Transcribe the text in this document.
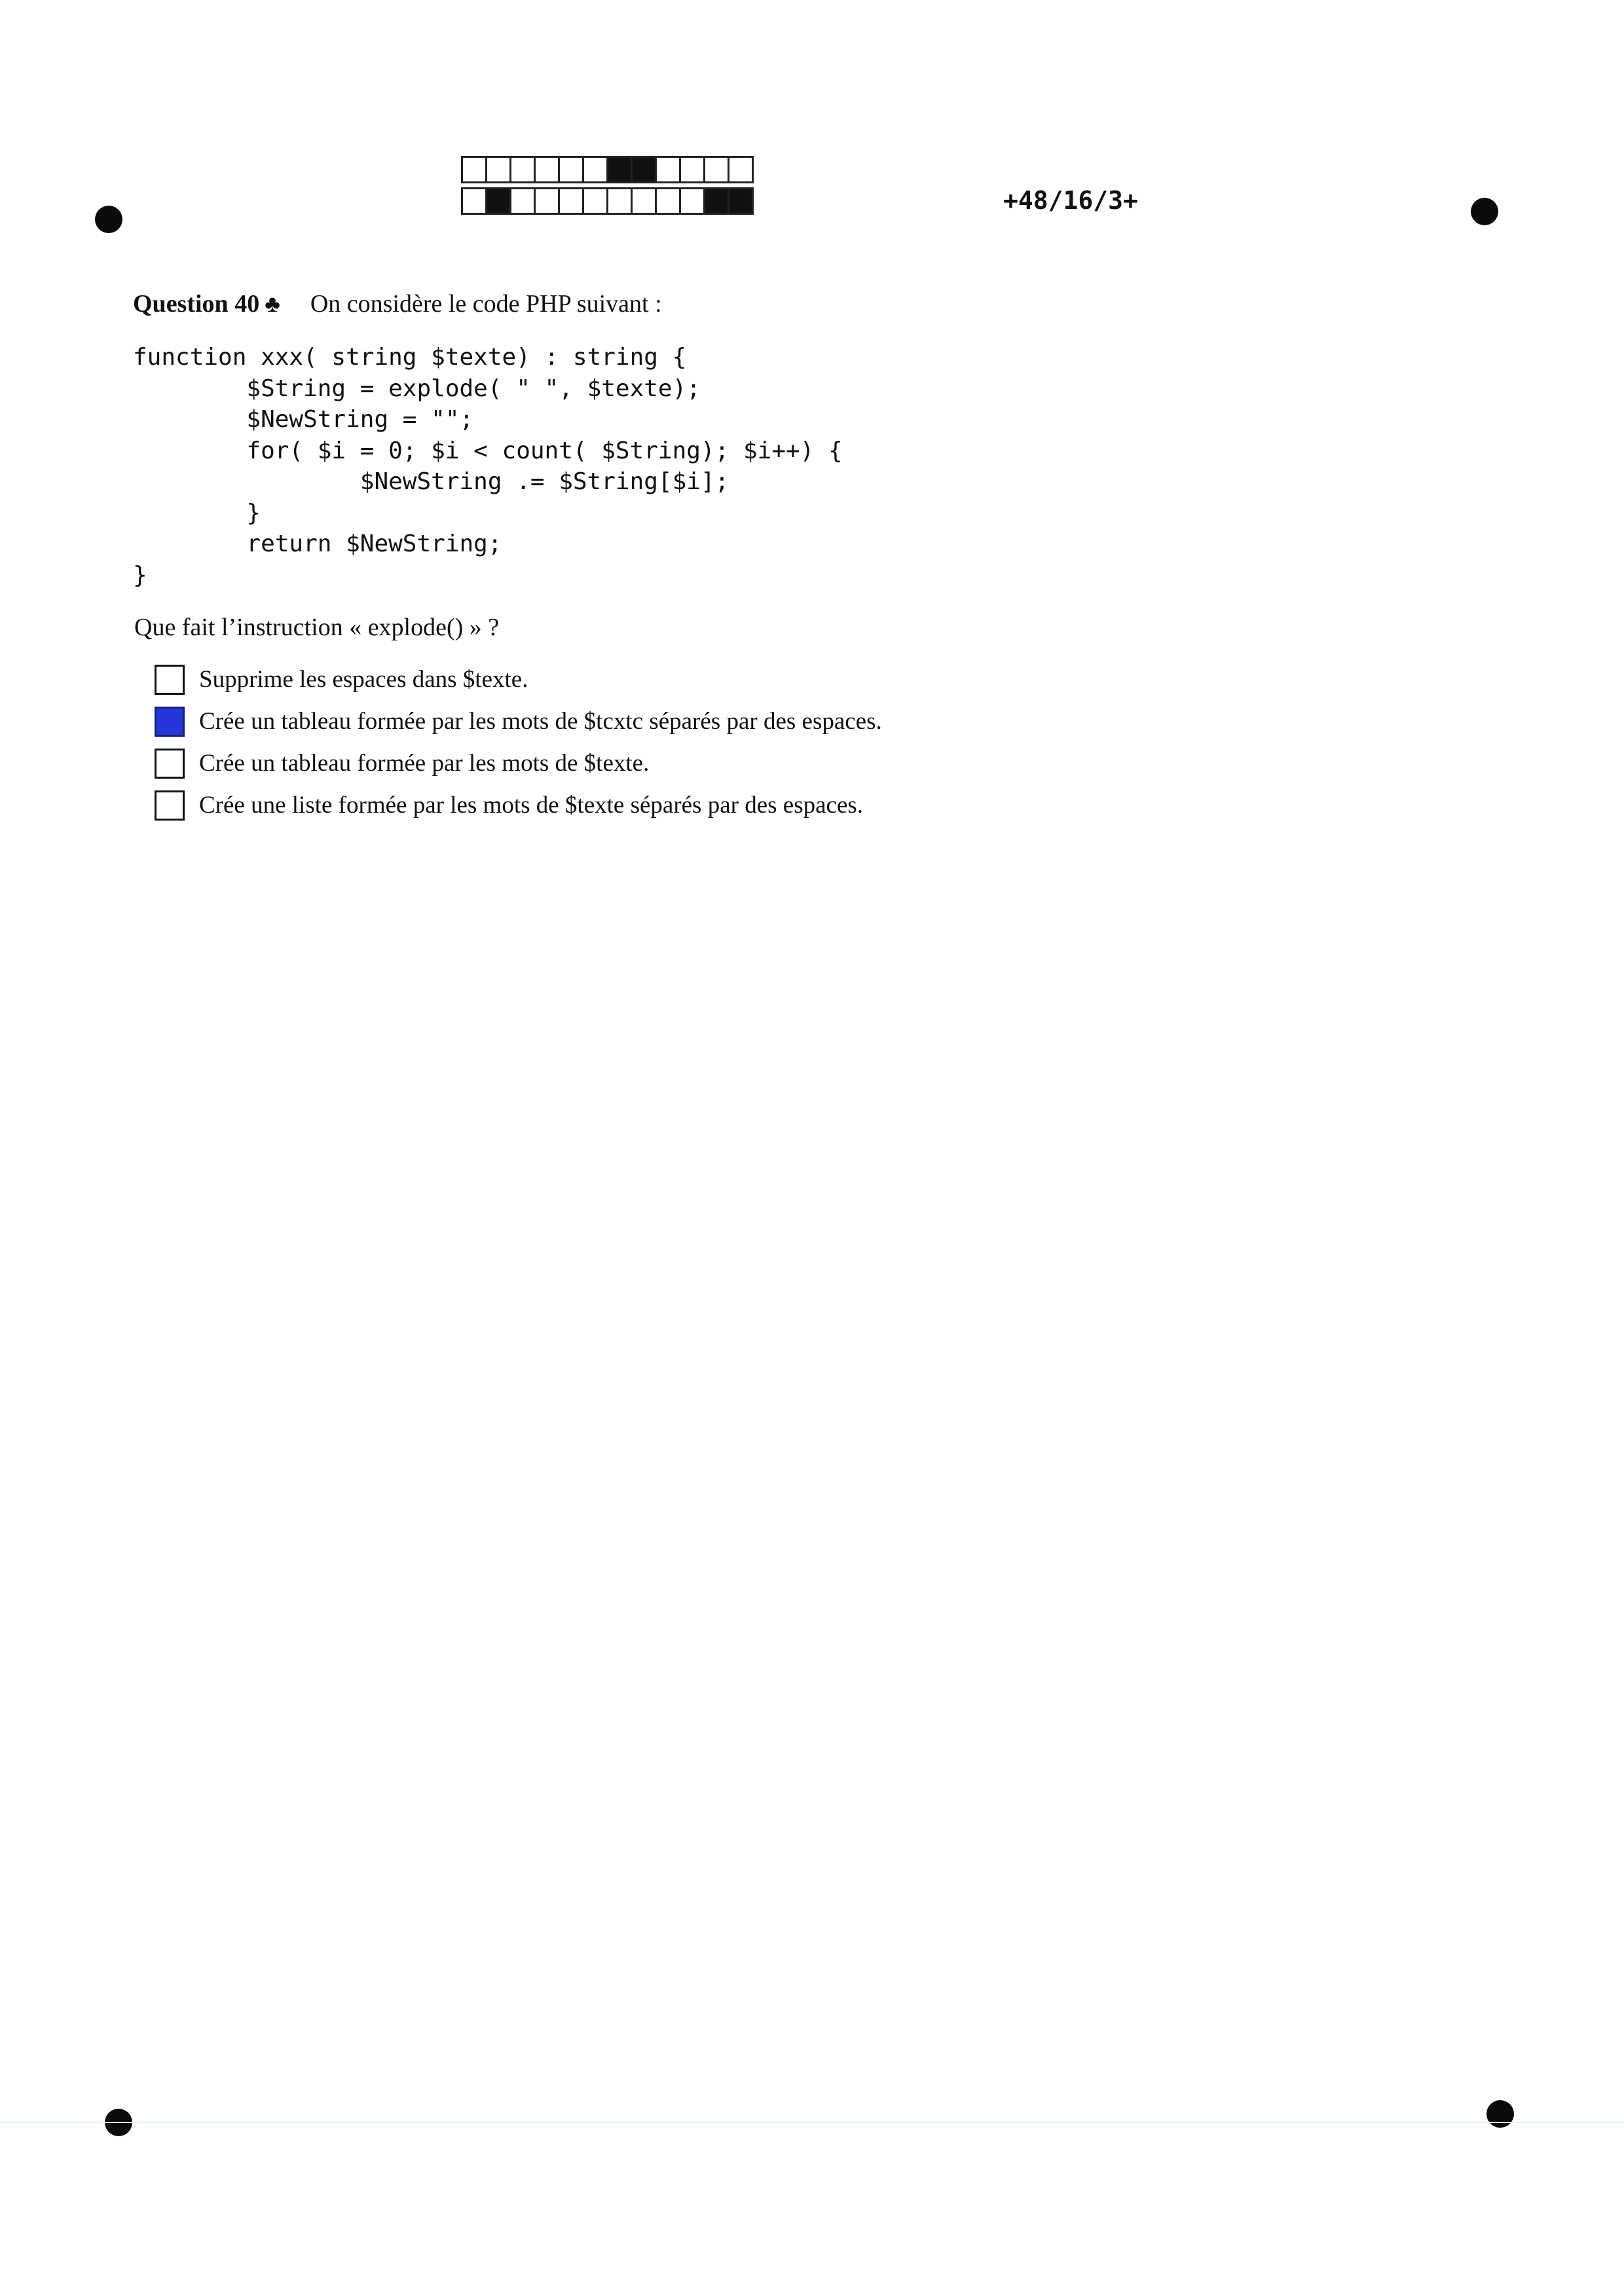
+48/16/3+
Question 40 ♣ On considère le code PHP suivant :
function xxx( string $texte) : string {
$String = explode( " ", $texte);
$NewString = "";
for( $i = 0; $i < count( $String); $i++) {
$NewString .= $String[$i];
}
return $NewString;
}
Que fait l’instruction « explode() » ?
Supprime les espaces dans $texte.
Crée un tableau formée par les mots de $tcxtc séparés par des espaces.
Crée un tableau formée par les mots de $texte.
Crée une liste formée par les mots de $texte séparés par des espaces.
